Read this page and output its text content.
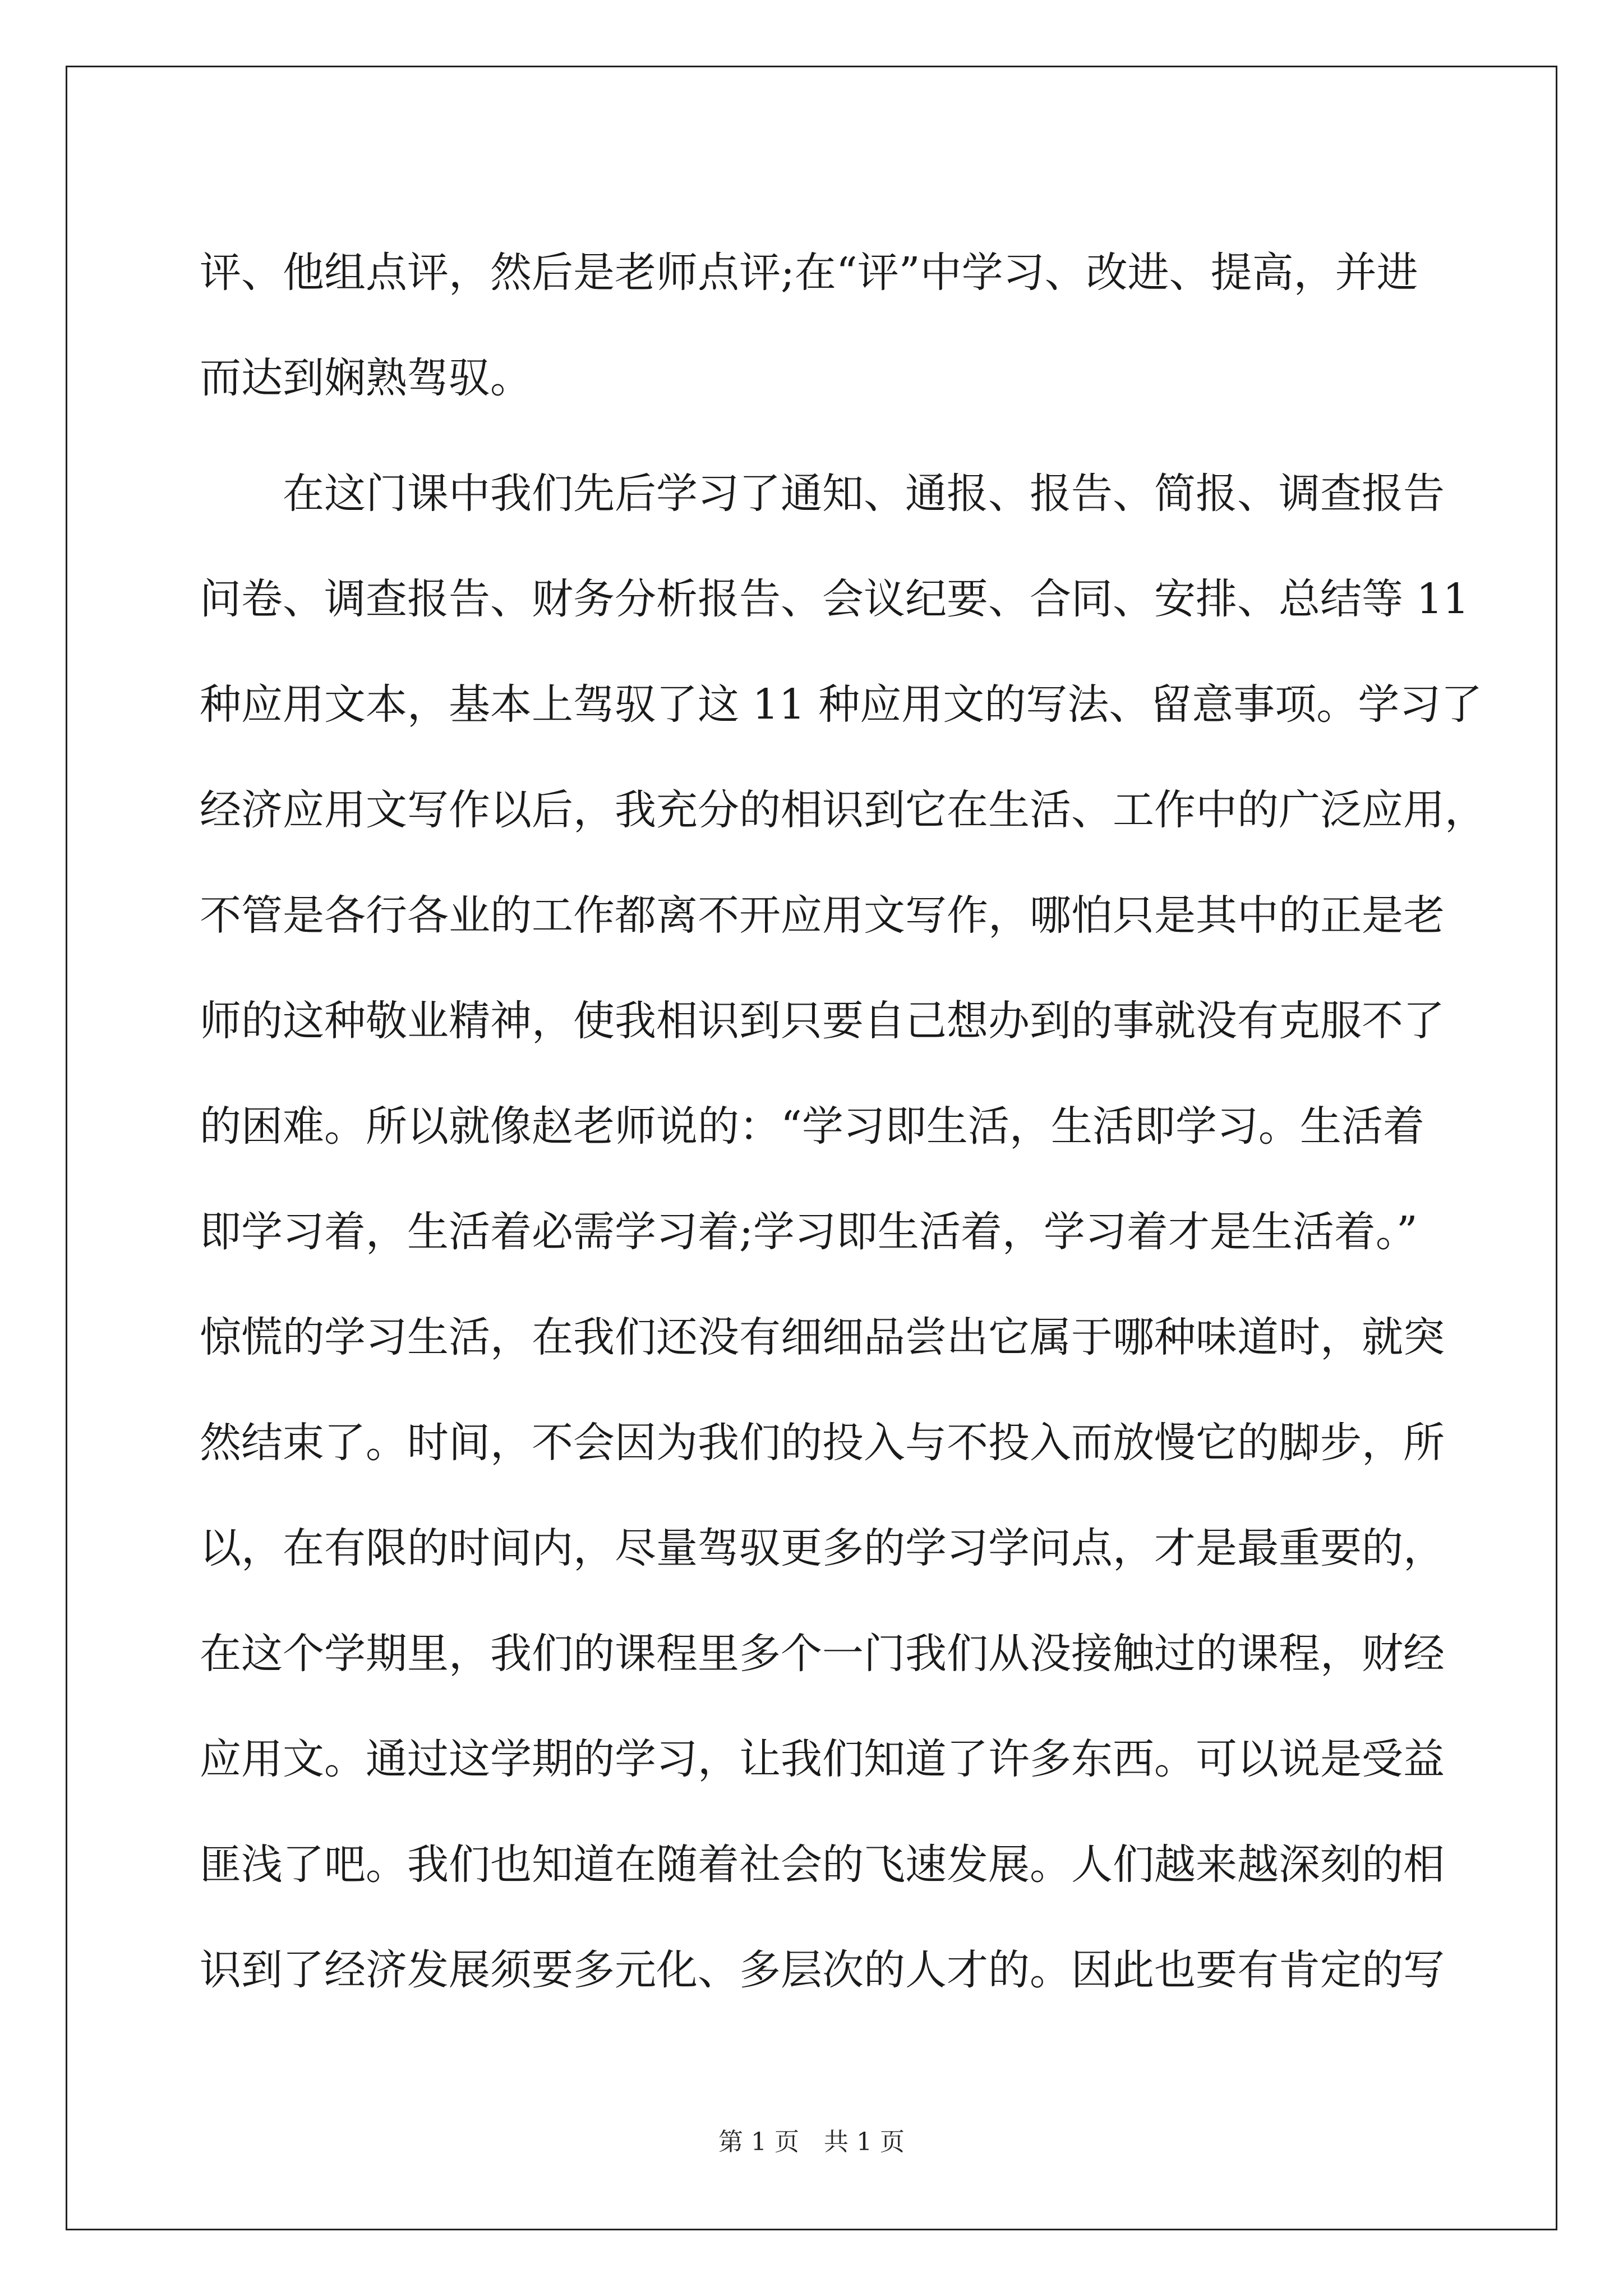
评、他组点评，然后是老师点评;在“评”中学习、改进、提高，并进
而达到娴熟驾驭。
　　在这门课中我们先后学习了通知、通报、报告、简报、调查报告
问卷、调查报告、财务分析报告、会议纪要、合同、安排、总结等 11
种应用文本，基本上驾驭了这 11 种应用文的写法、留意事项。学习了
经济应用文写作以后，我充分的相识到它在生活、工作中的广泛应用，
不管是各行各业的工作都离不开应用文写作，哪怕只是其中的正是老
师的这种敬业精神，使我相识到只要自己想办到的事就没有克服不了
的困难。所以就像赵老师说的：“学习即生活，生活即学习。生活着
即学习着，生活着必需学习着;学习即生活着，学习着才是生活着。”
惊慌的学习生活，在我们还没有细细品尝出它属于哪种味道时，就突
然结束了。时间，不会因为我们的投入与不投入而放慢它的脚步，所
以，在有限的时间内，尽量驾驭更多的学习学问点，才是最重要的，
在这个学期里，我们的课程里多个一门我们从没接触过的课程，财经
应用文。通过这学期的学习，让我们知道了许多东西。可以说是受益
匪浅了吧。我们也知道在随着社会的飞速发展。人们越来越深刻的相
识到了经济发展须要多元化、多层次的人才的。因此也要有肯定的写
第 1 页　共 1 页
